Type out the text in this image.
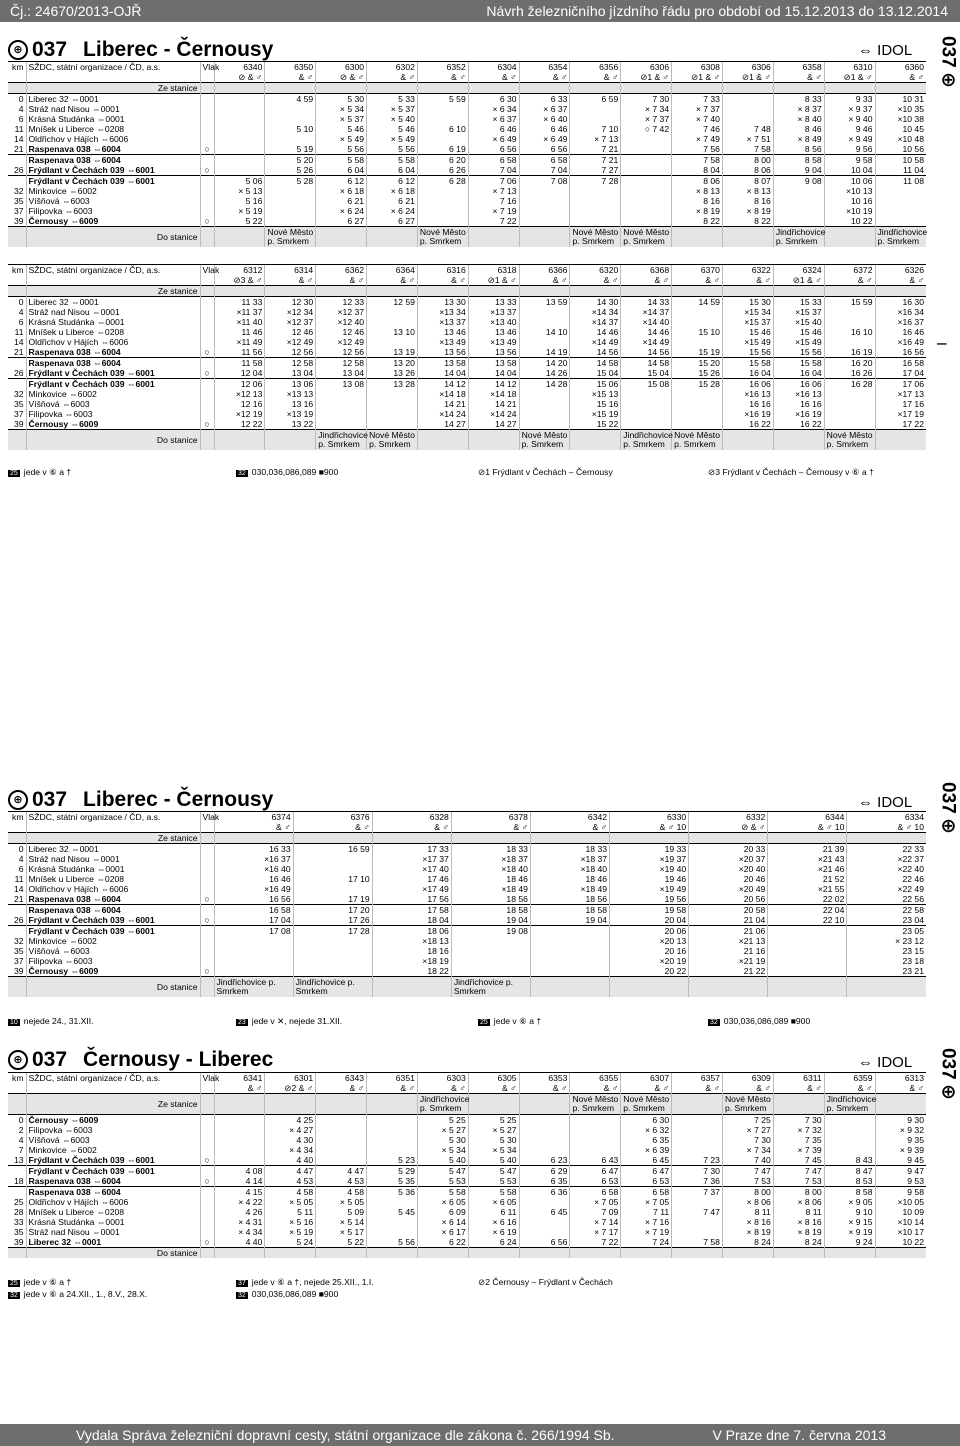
Čj.: 24670/2013-OJŘ	Návrh železničního jízdního řádu pro období od 15.12.2013 do 13.12.2014
037
⊕
I
037
⊕
037
⊕
⊕ 037 Liberec - Černousy	⇔ IDOL
km	SŽDC, státní organizace / ČD, a.s.	Vlak	6340	6350	6300	6302	6352	6304	6354	6356	6306	6308	6306	6358	6310	6360
			⊘ & ♂	& ♂	⊘ & ♂	& ♂	& ♂	& ♂	& ♂	& ♂	⊘1 & ♂	⊘1 & ♂	⊘1 & ♂	& ♂	⊘1 & ♂	& ♂
	Ze stanice															
0	Liberec 32 ⇔0001			4 59	5 30	5 33	5 59	6 30	6 33	6 59	7 30	7 33		8 33	9 33	10 31
4	Stráž nad Nisou ⇔0001				× 5 34	× 5 37		× 6 34	× 6 37		× 7 34	× 7 37		× 8 37	× 9 37	×10 35
6	Krásná Studánka ⇔0001				× 5 37	× 5 40		× 6 37	× 6 40		× 7 37	× 7 40		× 8 40	× 9 40	×10 38
11	Mníšek u Liberce ⇔0208			5 10	5 46	5 46	6 10	6 46	6 46	7 10	○ 7 42	7 46	7 48	8 46	9 46	10 45
14	Oldřichov v Hájích ⇔6006				× 5 49	× 5 49		× 6 49	× 6 49	× 7 13		× 7 49	× 7 51	× 8 49	× 9 49	×10 48
21	Raspenava 038 ⇔6004	○		5 19	5 56	5 56	6 19	6 56	6 56	7 21		7 56	7 58	8 56	9 56	10 56
	Raspenava 038 ⇔6004			5 20	5 58	5 58	6 20	6 58	6 58	7 21		7 58	8 00	8 58	9 58	10 58
26	Frýdlant v Čechách 039 ⇔6001	○		5 26	6 04	6 04	6 26	7 04	7 04	7 27		8 04	8 06	9 04	10 04	11 04
	Frýdlant v Čechách 039 ⇔6001		5 06	5 28	6 12	6 12	6 28	7 06	7 08	7 28		8 06	8 07	9 08	10 06	11 08
32	Minkovice ⇔6002		× 5 13		× 6 18	× 6 18		× 7 13				× 8 13	× 8 13		×10 13	
35	Víšňová ⇔6003		5 16		6 21	6 21		7 16				8 16	8 16		10 16	
37	Filipovka ⇔6003		× 5 19		× 6 24	× 6 24		× 7 19				× 8 19	× 8 19		×10 19	
39	Černousy ⇔6009	○	5 22		6 27	6 27		7 22				8 22	8 22		10 22	
	Do stanice			Nové Město p. Smrkem			Nové Město p. Smrkem			Nové Město p. Smrkem	Nové Město p. Smrkem			Jindřichovice p. Smrkem		Jindřichovice p. Smrkem
km	SŽDC, státní organizace / ČD, a.s.	Vlak	6312	6314	6362	6364	6316	6318	6366	6320	6368	6370	6322	6324	6372	6326
			⊘3 & ♂	& ♂	& ♂	& ♂	& ♂	⊘1 & ♂	& ♂	& ♂	& ♂	& ♂	& ♂	⊘1 & ♂	& ♂	& ♂
	Ze stanice															
0	Liberec 32 ⇔0001		11 33	12 30	12 33	12 59	13 30	13 33	13 59	14 30	14 33	14 59	15 30	15 33	15 59	16 30
4	Stráž nad Nisou ⇔0001		×11 37	×12 34	×12 37		×13 34	×13 37		×14 34	×14 37		×15 34	×15 37		×16 34
6	Krásná Studánka ⇔0001		×11 40	×12 37	×12 40		×13 37	×13 40		×14 37	×14 40		×15 37	×15 40		×16 37
11	Mníšek u Liberce ⇔0208		11 46	12 46	12 46	13 10	13 46	13 46	14 10	14 46	14 46	15 10	15 46	15 46	16 10	16 46
14	Oldřichov v Hájích ⇔6006		×11 49	×12 49	×12 49		×13 49	×13 49		×14 49	×14 49		×15 49	×15 49		×16 49
21	Raspenava 038 ⇔6004	○	11 56	12 56	12 56	13 19	13 56	13 56	14 19	14 56	14 56	15 19	15 56	15 56	16 19	16 56
	Raspenava 038 ⇔6004		11 58	12 58	12 58	13 20	13 58	13 58	14 20	14 58	14 58	15 20	15 58	15 58	16 20	16 58
26	Frýdlant v Čechách 039 ⇔6001	○	12 04	13 04	13 04	13 26	14 04	14 04	14 26	15 04	15 04	15 26	16 04	16 04	16 26	17 04
	Frýdlant v Čechách 039 ⇔6001		12 06	13 06	13 08	13 28	14 12	14 12	14 28	15 06	15 08	15 28	16 06	16 06	16 28	17 06
32	Minkovice ⇔6002		×12 13	×13 13			×14 18	×14 18		×15 13			×16 13	×16 13		×17 13
35	Víšňová ⇔6003		12 16	13 16			14 21	14 21		15 16			16 16	16 16		17 16
37	Filipovka ⇔6003		×12 19	×13 19			×14 24	×14 24		×15 19			×16 19	×16 19		×17 19
39	Černousy ⇔6009	○	12 22	13 22			14 27	14 27		15 22			16 22	16 22		17 22
	Do stanice				Jindřichovice p. Smrkem	Nové Město p. Smrkem			Nové Město p. Smrkem		Jindřichovice p. Smrkem	Nové Město p. Smrkem			Nové Město p. Smrkem	
25 jede v ⑥ a †	32 030,036,086,089 ■900	⊘1 Frýdlant v Čechách – Černousy	⊘3 Frýdlant v Čechách – Černousy v ⑥ a †
⊕ 037 Liberec - Černousy	⇔ IDOL
km	SŽDC, státní organizace / ČD, a.s.	Vlak	6374	6376	6328	6378	6342	6330	6332	6344	6334
			& ♂	& ♂	& ♂	& ♂	& ♂	& ♂ 10	⊘ & ♂	& ♂ 10	& ♂ 10
	Ze stanice										
0	Liberec 32 ⇔0001		16 33	16 59	17 33	18 33	18 33	19 33	20 33	21 39	22 33
4	Stráž nad Nisou ⇔0001		×16 37		×17 37	×18 37	×18 37	×19 37	×20 37	×21 43	×22 37
6	Krásná Studánka ⇔0001		×16 40		×17 40	×18 40	×18 40	×19 40	×20 40	×21 46	×22 40
11	Mníšek u Liberce ⇔0208		16 46	17 10	17 46	18 46	18 46	19 46	20 46	21 52	22 46
14	Oldřichov v Hájích ⇔6006		×16 49		×17 49	×18 49	×18 49	×19 49	×20 49	×21 55	×22 49
21	Raspenava 038 ⇔6004	○	16 56	17 19	17 56	18 56	18 56	19 56	20 56	22 02	22 56
	Raspenava 038 ⇔6004		16 58	17 20	17 58	18 58	18 58	19 58	20 58	22 04	22 58
26	Frýdlant v Čechách 039 ⇔6001	○	17 04	17 26	18 04	19 04	19 04	20 04	21 04	22 10	23 04
	Frýdlant v Čechách 039 ⇔6001		17 08	17 28	18 06	19 08		20 06	21 06		23 05
32	Minkovice ⇔6002				×18 13			×20 13	×21 13		× 23 12
35	Víšňová ⇔6003				18 16			20 16	21 16		23 15
37	Filipovka ⇔6003				×18 19			×20 19	×21 19		23 18
39	Černousy ⇔6009	○			18 22			20 22	21 22		23 21
	Do stanice		Jindřichovice p. Smrkem	Jindřichovice p. Smrkem		Jindřichovice p. Smrkem					
10 nejede 24., 31.XII.	23 jede v ✕, nejede 31.XII.	25 jede v ⑥ a †	32 030,036,086,089 ■900
⊕ 037 Černousy - Liberec	⇔ IDOL
km	SŽDC, státní organizace / ČD, a.s.	Vlak	6341	6301	6343	6351	6303	6305	6353	6355	6307	6357	6309	6311	6359	6313
			& ♂	⊘2 & ♂	& ♂	& ♂	& ♂	& ♂	& ♂	& ♂	& ♂	& ♂	& ♂	& ♂	& ♂	& ♂
	Ze stanice						Jindřichovice p. Smrkem			Nové Město p. Smrkem	Nové Město p. Smrkem		Nové Město p. Smrkem		Jindřichovice p. Smrkem	
0	Černousy ⇔6009			4 25			5 25	5 25			6 30		7 25	7 30		9 30
2	Filipovka ⇔6003			× 4 27			× 5 27	× 5 27			× 6 32		× 7 27	× 7 32		× 9 32
4	Víšňová ⇔6003			4 30			5 30	5 30			6 35		7 30	7 35		9 35
7	Minkovice ⇔6002			× 4 34			× 5 34	× 5 34			× 6 39		× 7 34	× 7 39		× 9 39
13	Frýdlant v Čechách 039 ⇔6001	○		4 40		5 23	5 40	5 40	6 23	6 43	6 45	7 23	7 40	7 45	8 43	9 45
	Frýdlant v Čechách 039 ⇔6001		4 08	4 47	4 47	5 29	5 47	5 47	6 29	6 47	6 47	7 30	7 47	7 47	8 47	9 47
18	Raspenava 038 ⇔6004	○	4 14	4 53	4 53	5 35	5 53	5 53	6 35	6 53	6 53	7 36	7 53	7 53	8 53	9 53
	Raspenava 038 ⇔6004		4 15	4 58	4 58	5 36	5 58	5 58	6 36	6 58	6 58	7 37	8 00	8 00	8 58	9 58
25	Oldřichov v Hájích ⇔6006		× 4 22	× 5 05	× 5 05		× 6 05	× 6 05		× 7 05	× 7 05		× 8 06	× 8 06	× 9 05	×10 05
28	Mníšek u Liberce ⇔0208		4 26	5 11	5 09	5 45	6 09	6 11	6 45	7 09	7 11	7 47	8 11	8 11	9 10	10 09
33	Krásná Studánka ⇔0001		× 4 31	× 5 16	× 5 14		× 6 14	× 6 16		× 7 14	× 7 16		× 8 16	× 8 16	× 9 15	×10 14
35	Stráž nad Nisou ⇔0001		× 4 34	× 5 19	× 5 17		× 6 17	× 6 19		× 7 17	× 7 19		× 8 19	× 8 19	× 9 19	×10 17
39	Liberec 32 ⇔0001	○	4 40	5 24	5 22	5 56	6 22	6 24	6 56	7 22	7 24	7 58	8 24	8 24	9 24	10 22
	Do stanice															
25 jede v ⑥ a †	37 jede v ⑥ a †, nejede 25.XII., 1.I.	⊘2 Černousy – Frýdlant v Čechách
32 jede v ⑥ a 24.XII., 1., 8.V., 28.X.	32 030,036,086,089 ■900
Vydala Správa železniční dopravní cesty, státní organizace dle zákona č. 266/1994 Sb.	V Praze dne 7. června 2013
